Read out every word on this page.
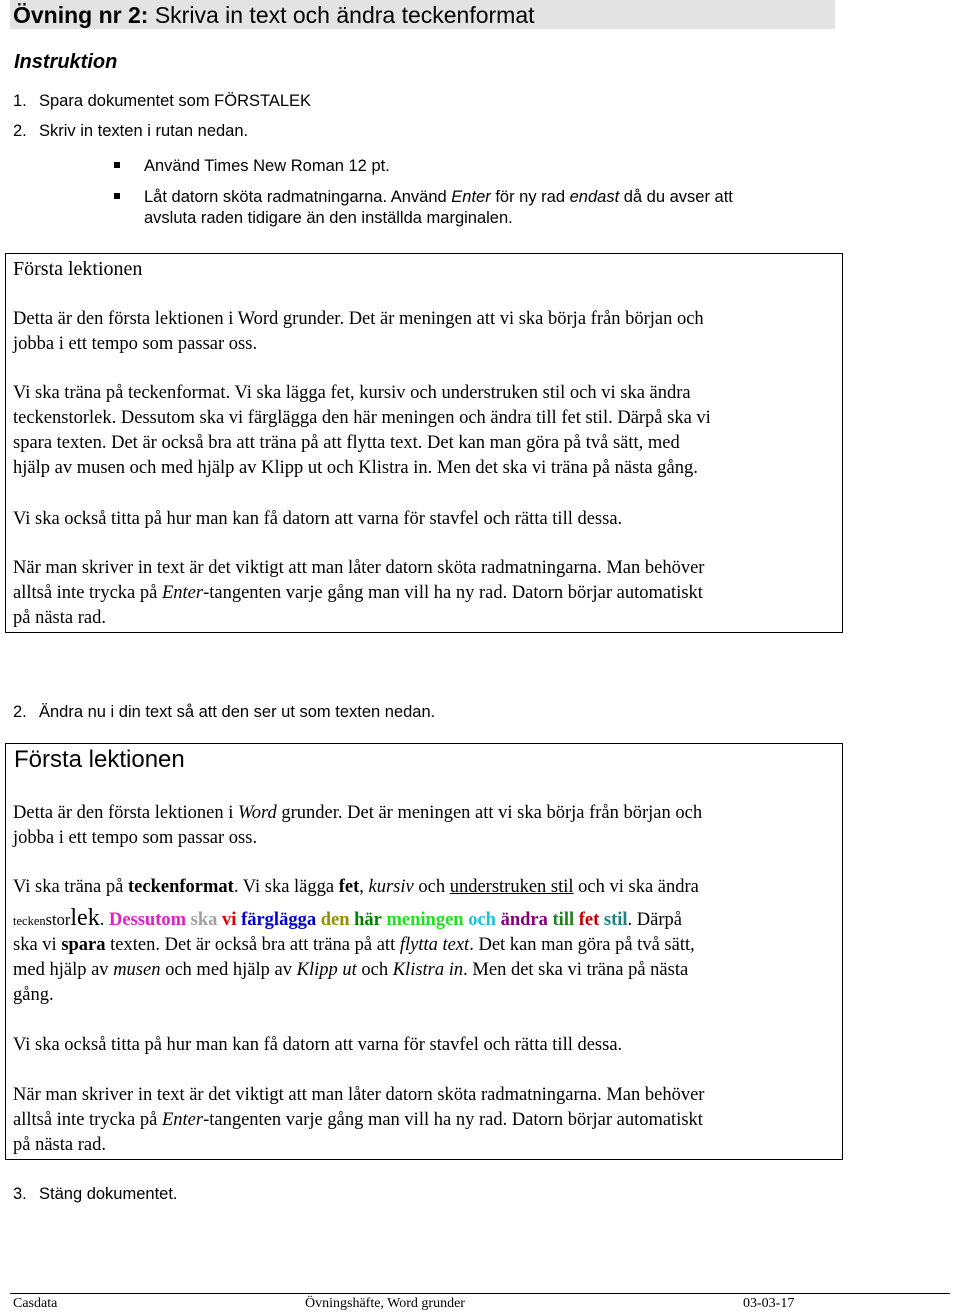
Övning nr 2: Skriva in text och ändra teckenformat
Instruktion
1. Spara dokumentet som FÖRSTALEK
2. Skriv in texten i rutan nedan.
Använd Times New Roman 12 pt.
Låt datorn sköta radmatningarna. Använd Enter för ny rad endast då du avser att
avsluta raden tidigare än den inställda marginalen.
Första lektionen
Detta är den första lektionen i Word grunder. Det är meningen att vi ska börja från början och
jobba i ett tempo som passar oss.
Vi ska träna på teckenformat. Vi ska lägga fet, kursiv och understruken stil och vi ska ändra
teckenstorlek. Dessutom ska vi färglägga den här meningen och ändra till fet stil. Därpå ska vi
spara texten. Det är också bra att träna på att flytta text. Det kan man göra på två sätt, med
hjälp av musen och med hjälp av Klipp ut och Klistra in. Men det ska vi träna på nästa gång.
Vi ska också titta på hur man kan få datorn att varna för stavfel och rätta till dessa.
När man skriver in text är det viktigt att man låter datorn sköta radmatningarna. Man behöver
alltså inte trycka på Enter-tangenten varje gång man vill ha ny rad. Datorn börjar automatiskt
på nästa rad.
2. Ändra nu i din text så att den ser ut som texten nedan.
Första lektionen
Detta är den första lektionen i Word grunder. Det är meningen att vi ska börja från början och
jobba i ett tempo som passar oss.
Vi ska träna på teckenformat. Vi ska lägga fet, kursiv och understruken stil och vi ska ändra
teckenstorlek. Dessutom ska vi färglägga den här meningen och ändra till fet stil. Därpå
ska vi spara texten. Det är också bra att träna på att flytta text. Det kan man göra på två sätt,
med hjälp av musen och med hjälp av Klipp ut och Klistra in. Men det ska vi träna på nästa
gång.
Vi ska också titta på hur man kan få datorn att varna för stavfel och rätta till dessa.
När man skriver in text är det viktigt att man låter datorn sköta radmatningarna. Man behöver
alltså inte trycka på Enter-tangenten varje gång man vill ha ny rad. Datorn börjar automatiskt
på nästa rad.
3. Stäng dokumentet.
Casdata	Övningshäfte, Word grunder	03-03-17
